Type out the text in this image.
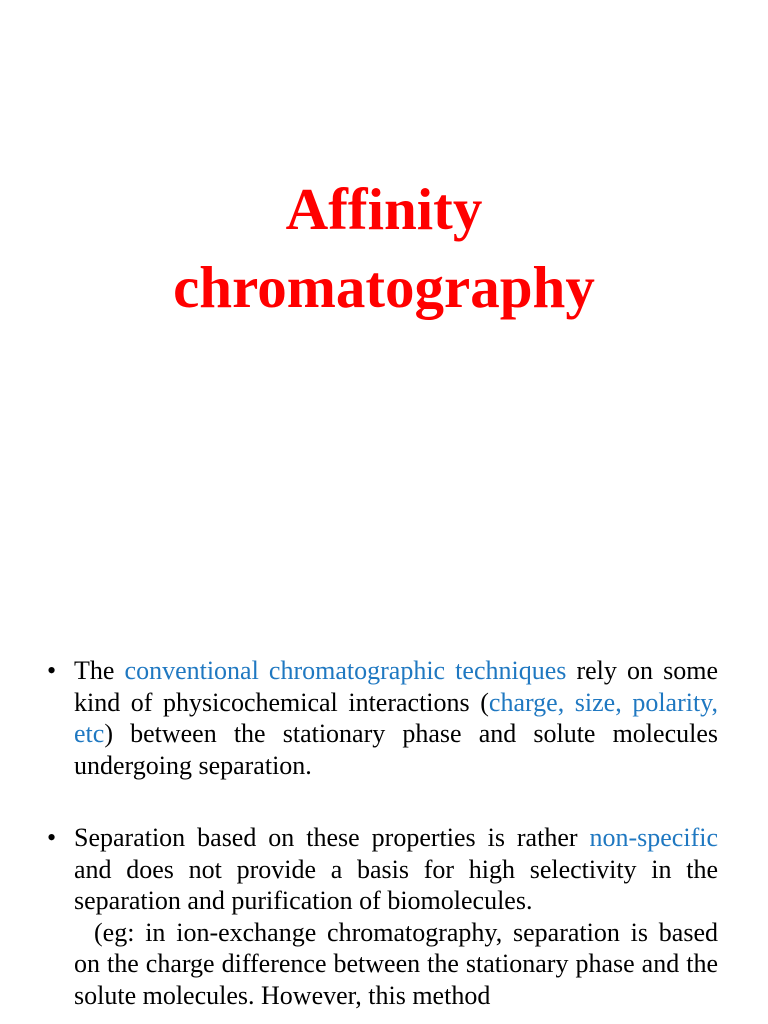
Affinity
chromatography
• The conventional chromatographic techniques rely on some kind of physicochemical interactions (charge, size, polarity, etc) between the stationary phase and solute molecules undergoing separation.
• Separation based on these properties is rather non-specific and does not provide a basis for high selectivity in the separation and purification of biomolecules.
(eg: in ion-exchange chromatography, separation is based on the charge difference between the stationary phase and the solute molecules. However, this method
